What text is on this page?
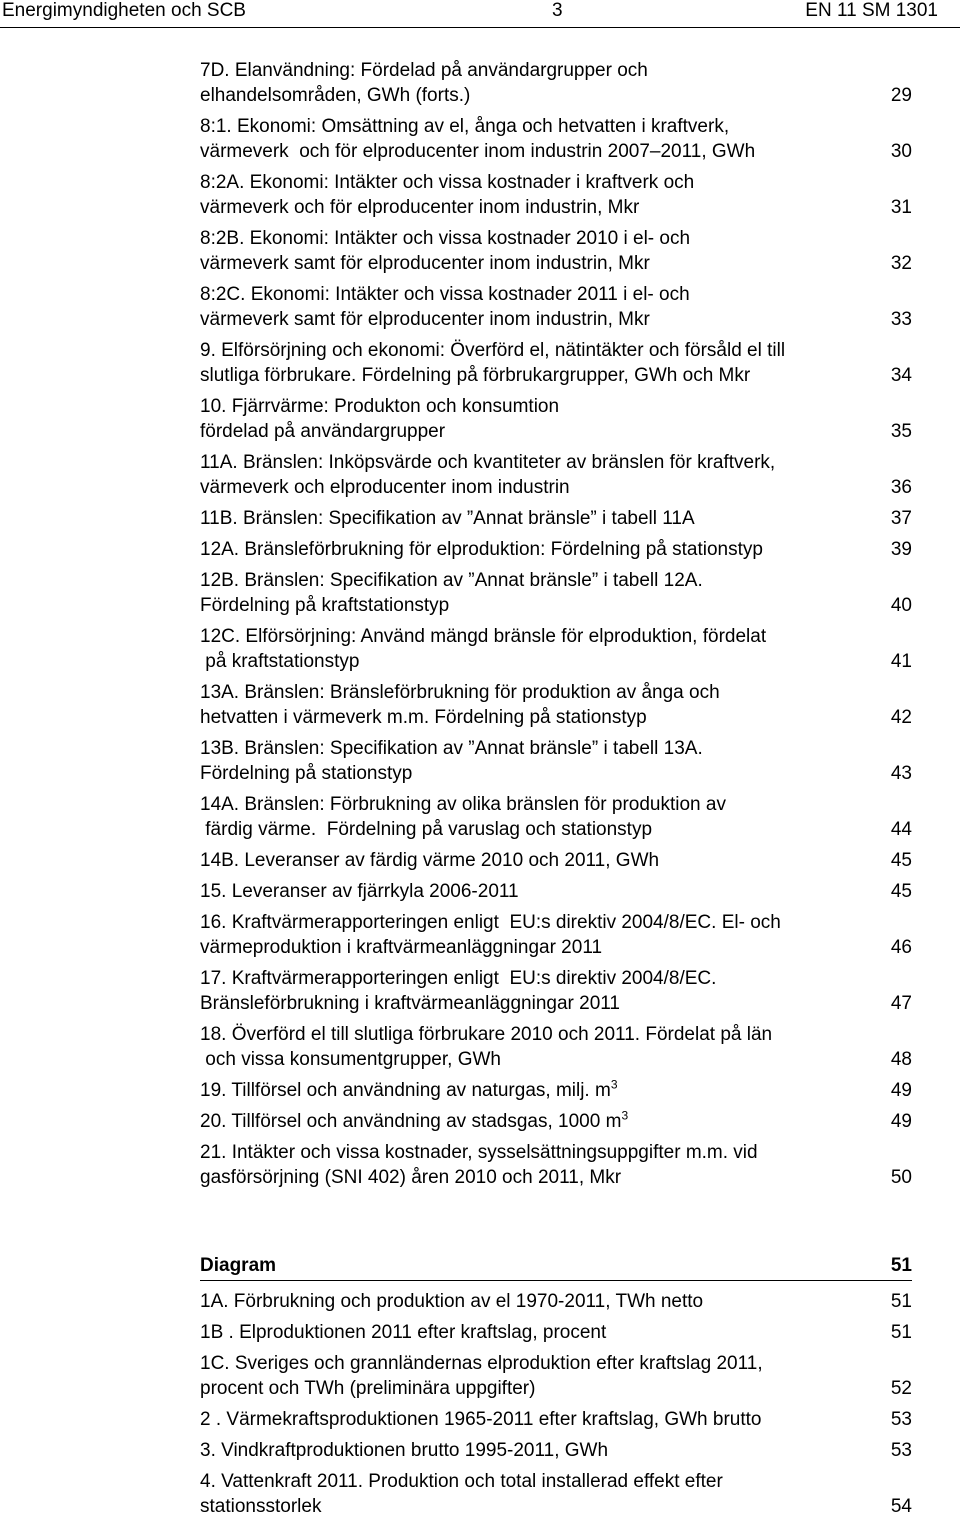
Energimyndigheten och SCB	3	EN 11 SM 1301
7D. Elanvändning: Fördelad på användargrupper och
elhandelsområden, GWh (forts.)	29
8:1. Ekonomi: Omsättning av el, ånga och hetvatten i kraftverk,
värmeverk  och för elproducenter inom industrin 2007–2011, GWh	30
8:2A. Ekonomi: Intäkter och vissa kostnader i kraftverk och
värmeverk och för elproducenter inom industrin, Mkr	31
8:2B. Ekonomi: Intäkter och vissa kostnader 2010 i el- och
värmeverk samt för elproducenter inom industrin, Mkr	32
8:2C. Ekonomi: Intäkter och vissa kostnader 2011 i el- och
värmeverk samt för elproducenter inom industrin, Mkr	33
9. Elförsörjning och ekonomi: Överförd el, nätintäkter och försåld el till
slutliga förbrukare. Fördelning på förbrukargrupper, GWh och Mkr	34
10. Fjärrvärme: Produkton och konsumtion
fördelad på användargrupper	35
11A. Bränslen: Inköpsvärde och kvantiteter av bränslen för kraftverk,
värmeverk och elproducenter inom industrin	36
11B. Bränslen: Specifikation av ”Annat bränsle” i tabell 11A	37
12A. Bränsleförbrukning för elproduktion: Fördelning på stationstyp	39
12B. Bränslen: Specifikation av ”Annat bränsle” i tabell 12A.
Fördelning på kraftstationstyp	40
12C. Elförsörjning: Använd mängd bränsle för elproduktion, fördelat
på kraftstationstyp	41
13A. Bränslen: Bränsleförbrukning för produktion av ånga och
hetvatten i värmeverk m.m. Fördelning på stationstyp	42
13B. Bränslen: Specifikation av ”Annat bränsle” i tabell 13A.
Fördelning på stationstyp	43
14A. Bränslen: Förbrukning av olika bränslen för produktion av
färdig värme.  Fördelning på varuslag och stationstyp	44
14B. Leveranser av färdig värme 2010 och 2011, GWh	45
15. Leveranser av fjärrkyla 2006-2011	45
16. Kraftvärmerapporteringen enligt  EU:s direktiv 2004/8/EC. El- och
värmeproduktion i kraftvärmeanläggningar 2011	46
17. Kraftvärmerapporteringen enligt  EU:s direktiv 2004/8/EC.
Bränsleförbrukning i kraftvärmeanläggningar 2011	47
18. Överförd el till slutliga förbrukare 2010 och 2011. Fördelat på län
och vissa konsumentgrupper, GWh	48
19. Tillförsel och användning av naturgas, milj. $m^3$	49
20. Tillförsel och användning av stadsgas, 1000 $m^3$	49
21. Intäkter och vissa kostnader, sysselsättningsuppgifter m.m. vid
gasförsörjning (SNI 402) åren 2010 och 2011, Mkr	50
Diagram	51
1A. Förbrukning och produktion av el 1970-2011, TWh netto	51
1B . Elproduktionen 2011 efter kraftslag, procent	51
1C. Sveriges och grannländernas elproduktion efter kraftslag 2011,
procent och TWh (preliminära uppgifter)	52
2 . Värmekraftsproduktionen 1965-2011 efter kraftslag, GWh brutto	53
3. Vindkraftproduktionen brutto 1995-2011, GWh	53
4. Vattenkraft 2011. Produktion och total installerad effekt efter
stationsstorlek	54
